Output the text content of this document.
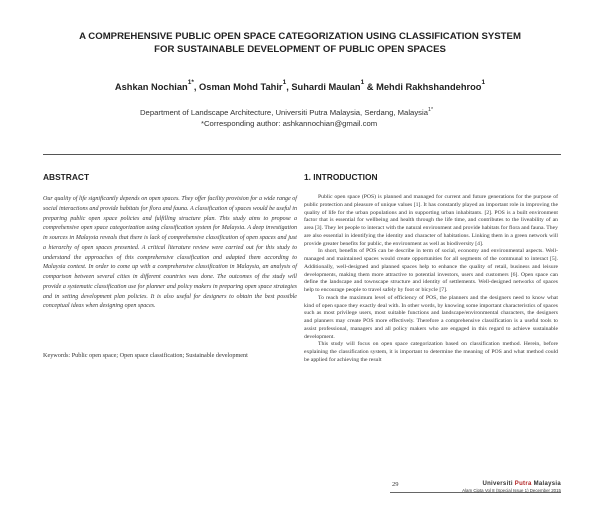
A COMPREHENSIVE PUBLIC OPEN SPACE CATEGORIZATION USING CLASSIFICATION SYSTEM
FOR SUSTAINABLE DEVELOPMENT OF PUBLIC OPEN SPACES
Ashkan Nochian$^{1*}$, Osman Mohd Tahir$^1$, Suhardi Maulan$^1$ & Mehdi Rakhshandehroo$^1$
Department of Landscape Architecture, Universiti Putra Malaysia, Serdang, Malaysia$^{1*}$
*Corresponding author: ashkannochian@gmail.com
ABSTRACT
Our quality of life significantly depends on open spaces. They offer facility provision for a wide range of social interactions and provide habitats for flora and fauna. A classification of spaces would be useful in preparing public open space policies and fulfilling structure plan. This study aims to propose a comprehensive open space categorization using classification system for Malaysia. A deep investigation in sources in Malaysia reveals that there is lack of comprehensive classification of open spaces and just a hierarchy of open spaces presented. A critical literature review were carried out for this study to understand the approaches of this comprehensive classification and adapted them according to Malaysia context. In order to come up with a comprehensive classification in Malaysia, an analysis of comparison between several cities in different countries was done. The outcomes of the study will provide a systematic classification use for planner and policy makers in preparing open space strategies and in setting development plan policies. It is also useful for designers to obtain the best possible conceptual ideas when designing open spaces.
Keywords: Public open space; Open space classification; Sustainable development
1. INTRODUCTION

Public open space (POS) is planned and managed for current and future generations for the purpose of public protection and pleasure of unique values [1]. It has constantly played an important role in improving the quality of life for the urban populations and in supporting urban inhabitants. [2]. POS is a built environment factor that is essential for wellbeing and health through the life time, and contributes to the liveability of an area [3]. They let people to interact with the natural environment and provide habitats for flora and fauna. They are also essential in identifying the identity and character of habitations. Linking them in a green network will provide greater benefits for public, the environment as well as biodiversity [4].

In short, benefits of POS can be describe in term of social, economy and environmental aspects. Well-managed and maintained spaces would create opportunities for all segments of the communal to interact [5]. Additionally, well-designed and planned spaces help to enhance the quality of retail, business and leisure developments, making them more attractive to potential investors, users and customers [6]. Open space can define the landscape and townscape structure and identity of settlements. Well-designed networks of spaces help to encourage people to travel safely by foot or bicycle [7].

To reach the maximum level of efficiency of POS, the planners and the designers need to know what kind of open space they exactly deal with. In other words, by knowing some important characteristics of spaces such as most privilege users, most suitable functions and landscape/environmental characters, the designers and planners may create POS more effectively. Therefore a comprehensive classification is a useful tools to assist professional, managers and all policy makers who are engaged in this regard to achieve sustainable development.

This study will focus on open space categorization based on classification method. Herein, before explaining the classification system, it is important to determine the meaning of POS and what method could be applied for achieving the result

29	Universiti Putra Malaysia
Alam Cipta Vol 8 (Special Issue 1) December 2015
